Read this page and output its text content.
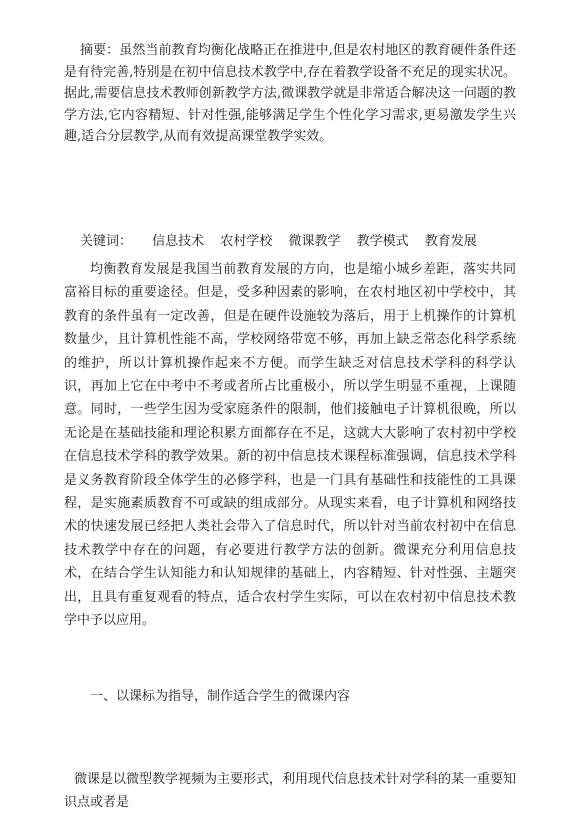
摘要：虽然当前教育均衡化战略正在推进中,但是农村地区的教育硬件条件还是有待完善,特别是在初中信息技术教学中,存在着教学设备不充足的现实状况。据此,需要信息技术教师创新教学方法,微课教学就是非常适合解决这一问题的教学方法,它内容精短、针对性强,能够满足学生个性化学习需求,更易激发学生兴趣,适合分层教学,从而有效提高课堂教学实效。

关键词： 信息技术 农村学校 微课教学 教学模式 教育发展

均衡教育发展是我国当前教育发展的方向，也是缩小城乡差距，落实共同富裕目标的重要途径。但是，受多种因素的影响，在农村地区初中学校中，其教育的条件虽有一定改善，但是在硬件设施较为落后，用于上机操作的计算机数量少，且计算机性能不高，学校网络带宽不够，再加上缺乏常态化科学系统的维护，所以计算机操作起来不方便。而学生缺乏对信息技术学科的科学认识，再加上它在中考中不考或者所占比重极小，所以学生明显不重视，上课随意。同时，一些学生因为受家庭条件的限制，他们接触电子计算机很晚，所以无论是在基础技能和理论积累方面都存在不足，这就大大影响了农村初中学校在信息技术学科的教学效果。新的初中信息技术课程标准强调，信息技术学科是义务教育阶段全体学生的必修学科，也是一门具有基础性和技能性的工具课程，是实施素质教育不可或缺的组成部分。从现实来看，电子计算机和网络技术的快速发展已经把人类社会带入了信息时代，所以针对当前农村初中在信息技术教学中存在的问题，有必要进行教学方法的创新。微课充分利用信息技术，在结合学生认知能力和认知规律的基础上，内容精短、针对性强、主题突出，且具有重复观看的特点，适合农村学生实际，可以在农村初中信息技术教学中予以应用。

一、以课标为指导，制作适合学生的微课内容

微课是以微型教学视频为主要形式，利用现代信息技术针对学科的某一重要知识点或者是
